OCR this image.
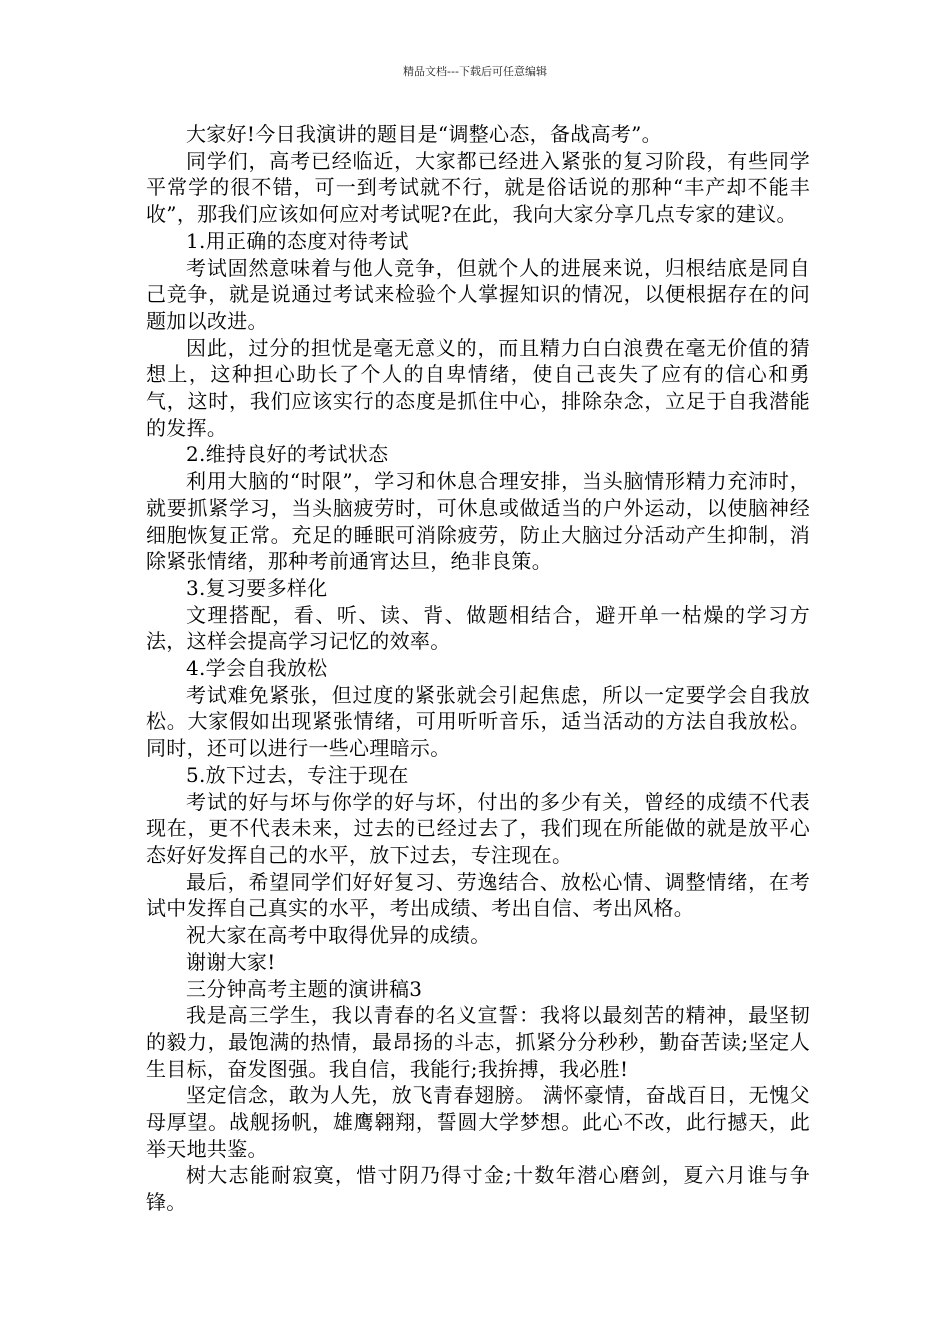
精品文档---下载后可任意编辑

大家好!今日我演讲的题目是“调整心态，备战高考”。

同学们，高考已经临近，大家都已经进入紧张的复习阶段，有些同学平常学的很不错，可一到考试就不行，就是俗话说的那种“丰产却不能丰收”，那我们应该如何应对考试呢?在此，我向大家分享几点专家的建议。

1.用正确的态度对待考试

考试固然意味着与他人竞争，但就个人的进展来说，归根结底是同自己竞争，就是说通过考试来检验个人掌握知识的情况，以便根据存在的问题加以改进。

因此，过分的担忧是毫无意义的，而且精力白白浪费在毫无价值的猜想上，这种担心助长了个人的自卑情绪，使自己丧失了应有的信心和勇气，这时，我们应该实行的态度是抓住中心，排除杂念，立足于自我潜能的发挥。

2.维持良好的考试状态

利用大脑的“时限”，学习和休息合理安排，当头脑情形精力充沛时，就要抓紧学习，当头脑疲劳时，可休息或做适当的户外运动，以使脑神经细胞恢复正常。充足的睡眠可消除疲劳，防止大脑过分活动产生抑制，消除紧张情绪，那种考前通宵达旦，绝非良策。

3.复习要多样化

文理搭配，看、听、读、背、做题相结合，避开单一枯燥的学习方法，这样会提高学习记忆的效率。

4.学会自我放松

考试难免紧张，但过度的紧张就会引起焦虑，所以一定要学会自我放松。大家假如出现紧张情绪，可用听听音乐，适当活动的方法自我放松。同时，还可以进行一些心理暗示。

5.放下过去，专注于现在

考试的好与坏与你学的好与坏，付出的多少有关，曾经的成绩不代表现在，更不代表未来，过去的已经过去了，我们现在所能做的就是放平心态好好发挥自己的水平，放下过去，专注现在。

最后，希望同学们好好复习、劳逸结合、放松心情、调整情绪，在考试中发挥自己真实的水平，考出成绩、考出自信、考出风格。

祝大家在高考中取得优异的成绩。

谢谢大家!

三分钟高考主题的演讲稿3

我是高三学生，我以青春的名义宣誓：我将以最刻苦的精神，最坚韧的毅力，最饱满的热情，最昂扬的斗志，抓紧分分秒秒，勤奋苦读;坚定人生目标，奋发图强。我自信，我能行;我拚搏，我必胜!

坚定信念，敢为人先，放飞青春翅膀。 满怀豪情，奋战百日，无愧父母厚望。战舰扬帆，雄鹰翱翔，誓圆大学梦想。此心不改，此行撼天，此举天地共鉴。

树大志能耐寂寞，惜寸阴乃得寸金;十数年潜心磨剑，夏六月谁与争锋。
